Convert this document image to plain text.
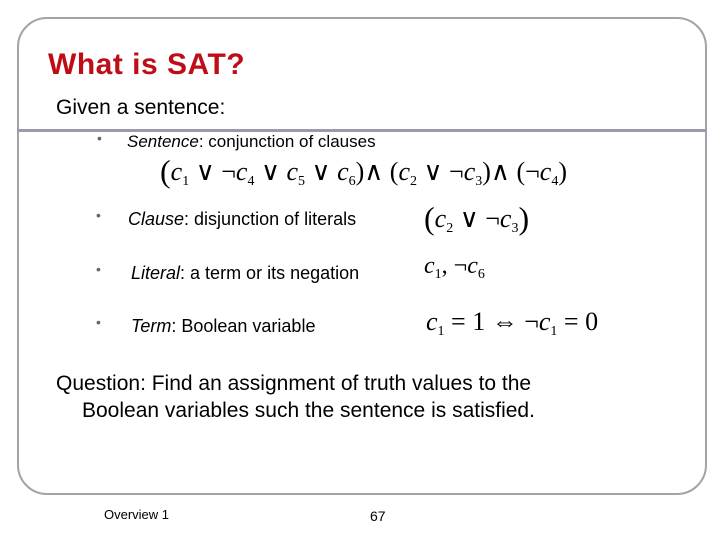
What is SAT?
Given a sentence:
• Sentence: conjunction of clauses
($c_1$ ∨ $\neg c_4$ ∨ $c_5$ ∨ $c_6)\wedge$ ($c_2$ ∨ $\neg c_3)\wedge$ $(\neg c_4)$
• Clause: disjunction of literals ($c_2$ ∨ $\neg c_3$)
• Literal: a term or its negation	$c_1$, $\neg c_6$
• Term: Boolean variable	$c_1 = 1$ ⇔ $\neg c_1 = 0$
Question: Find an assignment of truth values to the
Boolean variables such the sentence is satisfied.
Overview 1	67
